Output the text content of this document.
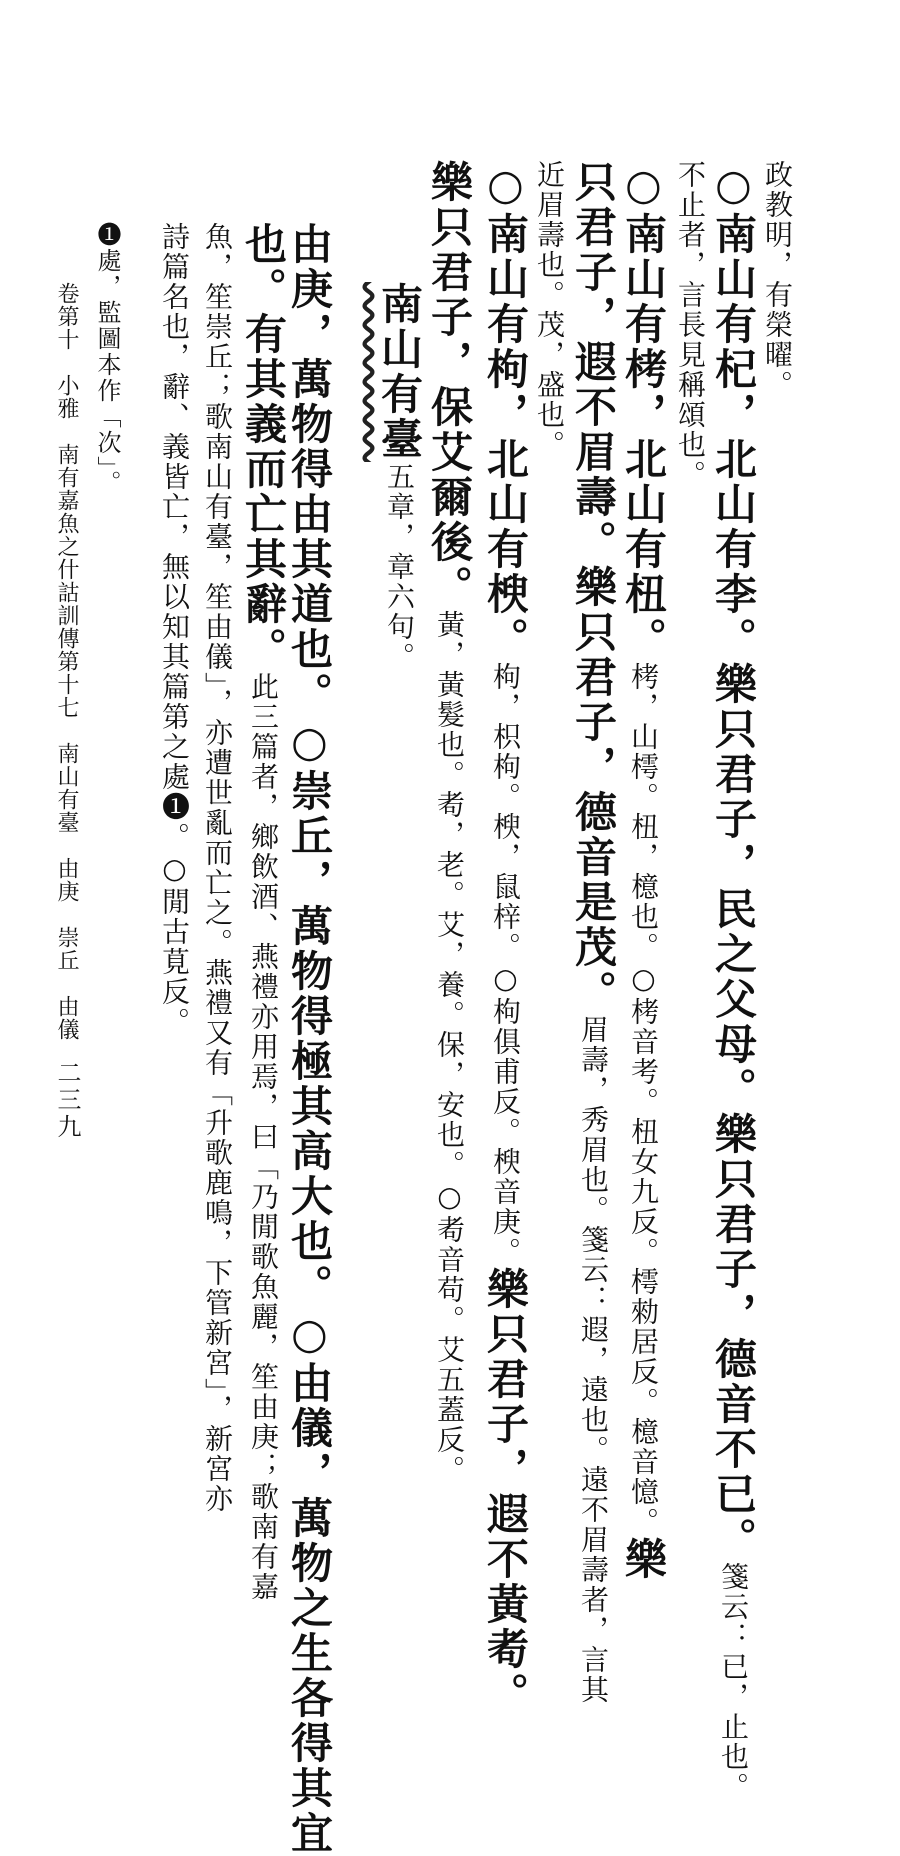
政教明，有榮曜。
○南山有杞，北山有李。樂只君子，民之父母。樂只君子，德音不已。箋云：已，止也。
不止者，言長見稱頌也。
○南山有栲，北山有杻。栲，山樗。杻，檍也。○栲音考。杻女九反。樗勑居反。檍音憶。樂
只君子，遐不眉壽。樂只君子，德音是茂。眉壽，秀眉也。箋云：遐，遠也。遠不眉壽者，言其
近眉壽也。茂，盛也。
○南山有枸，北山有楰。枸，枳枸。楰，鼠梓。○枸俱甫反。楰音庚。樂只君子，遐不黃耇。
樂只君子，保艾爾後。黃，黃髮也。耇，老。艾，養。保，安也。○耇音苟。艾五蓋反。
南山有臺五章，章六句。
由庚，萬物得由其道也。○崇丘，萬物得極其高大也。○由儀，萬物之生各得其宜
也。有其義而亡其辭。此三篇者，鄉飲酒、燕禮亦用焉，曰「乃閒歌魚麗，笙由庚；歌南有嘉
魚，笙崇丘；歌南山有臺，笙由儀」，亦遭世亂而亡之。燕禮又有「升歌鹿鳴，下管新宮」，新宮亦
詩篇名也，辭、義皆亡，無以知其篇第之處❶。○閒古莧反。
❶處，監圖本作「次」。
卷第十　小雅　南有嘉魚之什詁訓傳第十七　南山有臺　由庚　崇丘　由儀
二三九
